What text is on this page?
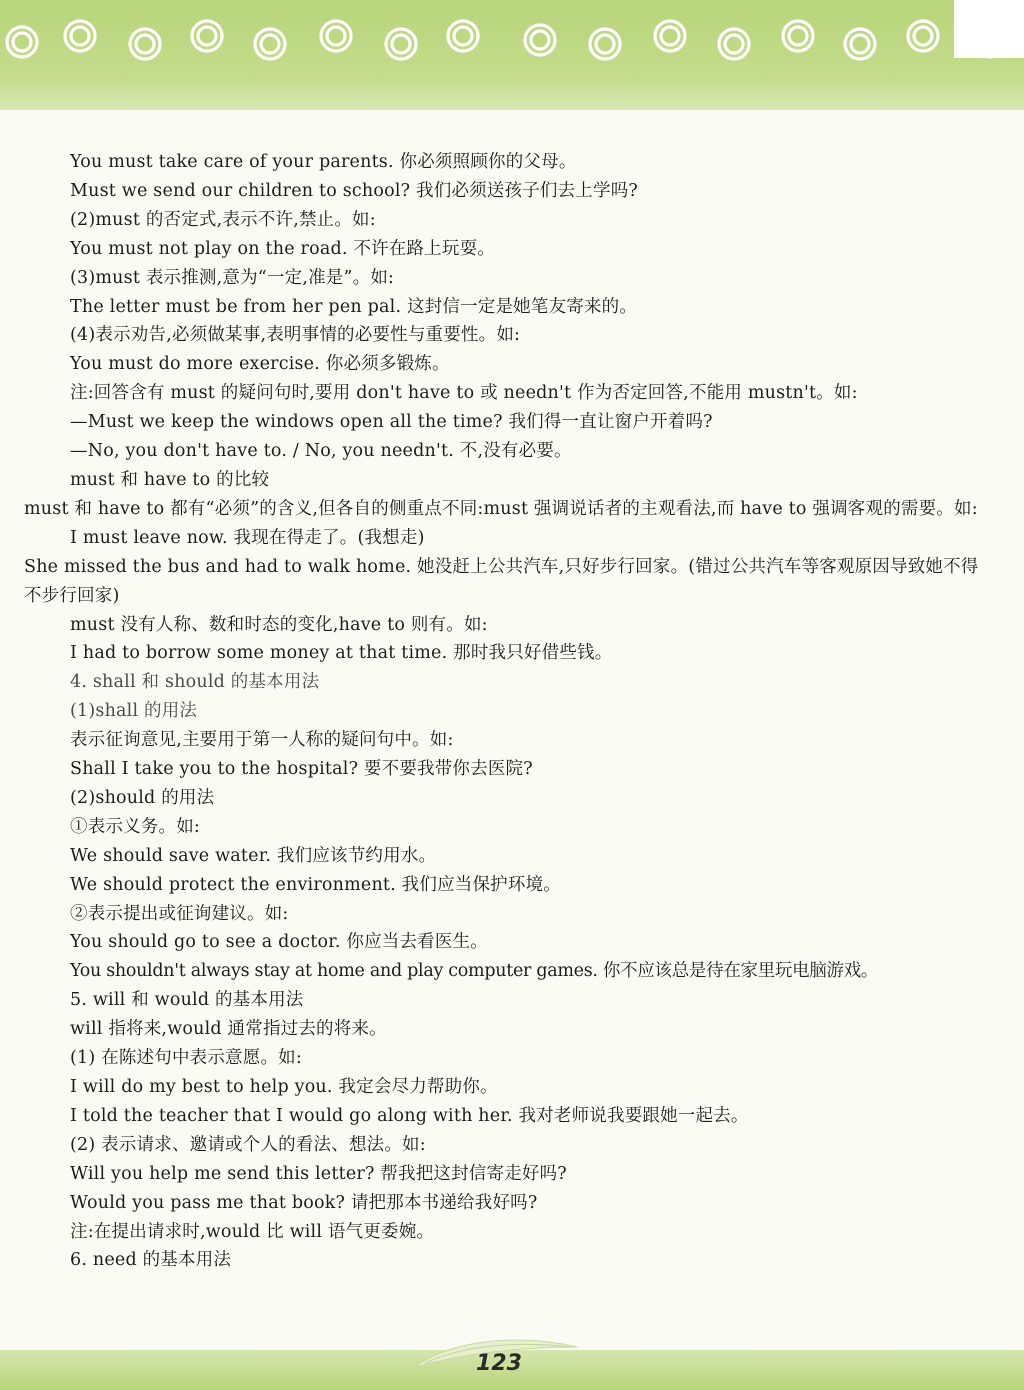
You must take care of your parents. 你必须照顾你的父母。
Must we send our children to school? 我们必须送孩子们去上学吗?
(2)must 的否定式,表示不许,禁止。如:
You must not play on the road. 不许在路上玩耍。
(3)must 表示推测,意为“一定,准是”。如:
The letter must be from her pen pal. 这封信一定是她笔友寄来的。
(4)表示劝告,必须做某事,表明事情的必要性与重要性。如:
You must do more exercise. 你必须多锻炼。
注:回答含有 must 的疑问句时,要用 don't have to 或 needn't 作为否定回答,不能用 mustn't。如:
—Must we keep the windows open all the time? 我们得一直让窗户开着吗?
—No, you don't have to. / No, you needn't. 不,没有必要。
must 和 have to 的比较
must 和 have to 都有“必须”的含义,但各自的侧重点不同:must 强调说话者的主观看法,而 have to 强调客观的需要。如:
I must leave now. 我现在得走了。(我想走)
She missed the bus and had to walk home. 她没赶上公共汽车,只好步行回家。(错过公共汽车等客观原因导致她不得不步行回家)
must 没有人称、数和时态的变化,have to 则有。如:
I had to borrow some money at that time. 那时我只好借些钱。
4. shall 和 should 的基本用法
(1)shall 的用法
表示征询意见,主要用于第一人称的疑问句中。如:
Shall I take you to the hospital? 要不要我带你去医院?
(2)should 的用法
①表示义务。如:
We should save water. 我们应该节约用水。
We should protect the environment. 我们应当保护环境。
②表示提出或征询建议。如:
You should go to see a doctor. 你应当去看医生。
You shouldn't always stay at home and play computer games. 你不应该总是待在家里玩电脑游戏。
5. will 和 would 的基本用法
will 指将来,would 通常指过去的将来。
(1) 在陈述句中表示意愿。如:
I will do my best to help you. 我定会尽力帮助你。
I told the teacher that I would go along with her. 我对老师说我要跟她一起去。
(2) 表示请求、邀请或个人的看法、想法。如:
Will you help me send this letter? 帮我把这封信寄走好吗?
Would you pass me that book? 请把那本书递给我好吗?
注:在提出请求时,would 比 will 语气更委婉。
6. need 的基本用法
123
